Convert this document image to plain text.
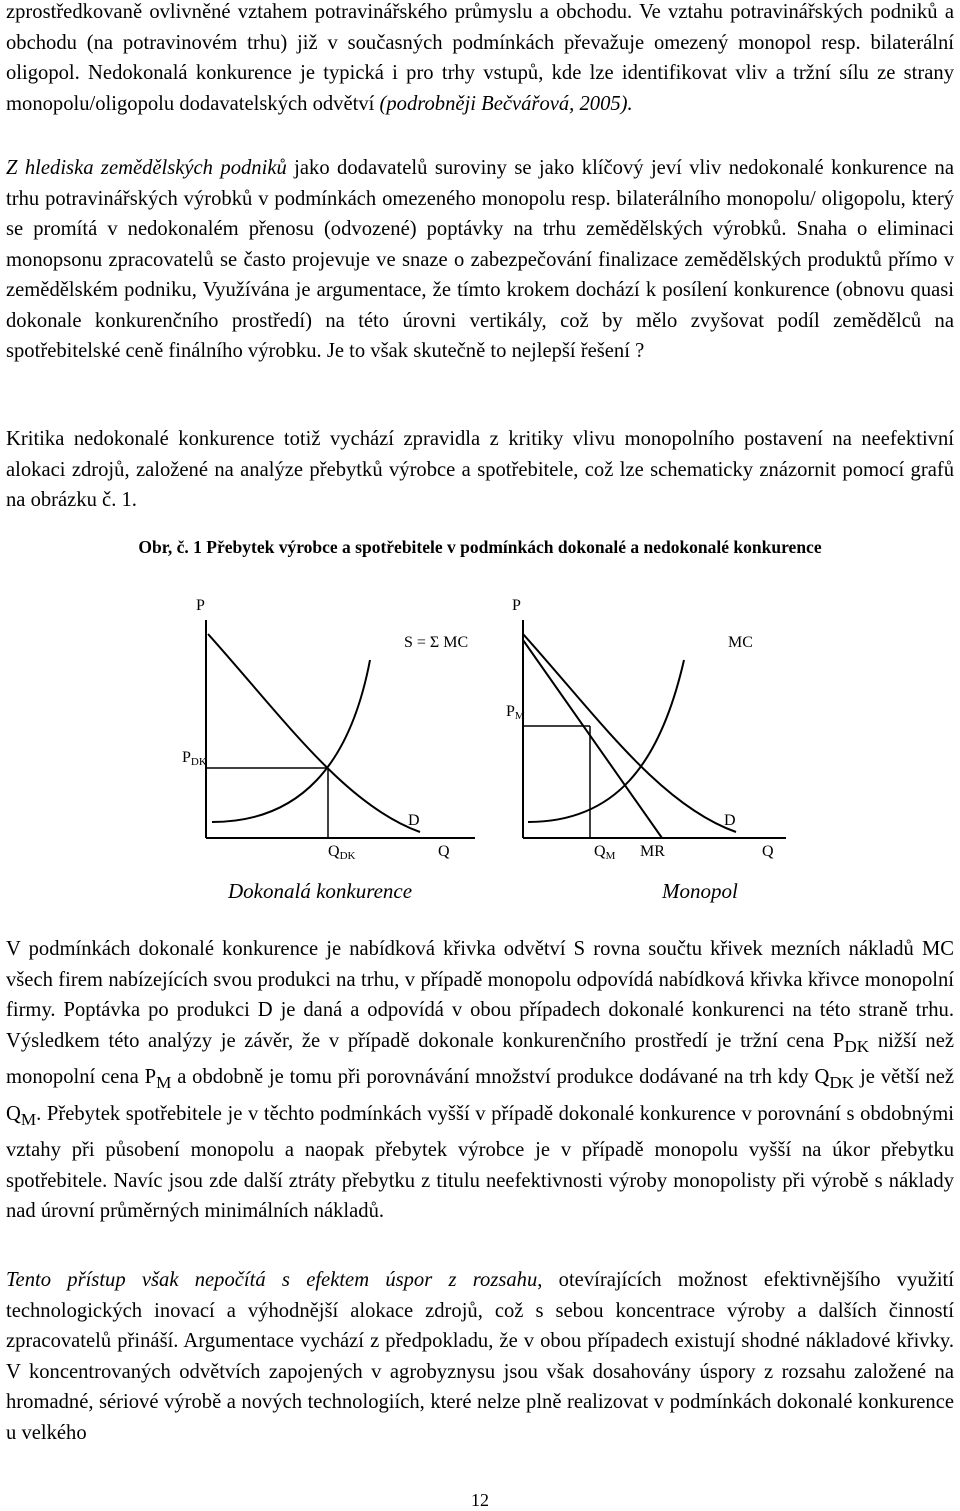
zprostředkovaně ovlivněné vztahem potravinářského průmyslu a obchodu. Ve vztahu potravinářských podniků a obchodu (na potravinovém trhu) již v současných podmínkách převažuje omezený monopol resp. bilaterální oligopol. Nedokonalá konkurence je typická i pro trhy vstupů, kde lze identifikovat vliv a tržní sílu ze strany monopolu/oligopolu dodavatelských odvětví (podrobněji Bečvářová, 2005).

Z hlediska zemědělských podniků jako dodavatelů suroviny se jako klíčový jeví vliv nedokonalé konkurence na trhu potravinářských výrobků v podmínkách omezeného monopolu resp. bilaterálního monopolu/ oligopolu, který se promítá v nedokonalém přenosu (odvozené) poptávky na trhu zemědělských výrobků. Snaha o eliminaci monopsonu zpracovatelů se často projevuje ve snaze o zabezpečování finalizace zemědělských produktů přímo v zemědělském podniku, Využívána je argumentace, že tímto krokem dochází k posílení konkurence (obnovu quasi dokonale konkurenčního prostředí) na této úrovni vertikály, což by mělo zvyšovat podíl zemědělců na spotřebitelské ceně finálního výrobku. Je to však skutečně to nejlepší řešení ?

Kritika nedokonalé konkurence totiž vychází zpravidla z kritiky vlivu monopolního postavení na neefektivní alokaci zdrojů, založené na analýze přebytků výrobce a spotřebitele, což lze schematicky znázornit pomocí grafů na obrázku č. 1.

V podmínkách dokonalé konkurence je nabídková křivka odvětví S rovna součtu křivek mezních nákladů MC všech firem nabízejících svou produkci na trhu, v případě monopolu odpovídá nabídková křivka křivce monopolní firmy. Poptávka po produkci D je daná a odpovídá v obou případech dokonalé konkurenci na této straně trhu. Výsledkem této analýzy je závěr, že v případě dokonale konkurenčního prostředí je tržní cena $P_{DK}$ nižší než monopolní cena $P_M$ a obdobně je tomu při porovnávání množství produkce dodávané na trh kdy $Q_{DK}$ je větší než $Q_M$. Přebytek spotřebitele je v těchto podmínkách vyšší v případě dokonalé konkurence v porovnání s obdobnými vztahy při působení monopolu a naopak přebytek výrobce je v případě monopolu vyšší na úkor přebytku spotřebitele. Navíc jsou zde další ztráty přebytku z titulu neefektivnosti výroby monopolisty při výrobě s náklady nad úrovní průměrných minimálních nákladů.

Tento přístup však nepočítá s efektem úspor z rozsahu, otevírajících možnost efektivnějšího využití technologických inovací a výhodnější alokace zdrojů, což s sebou koncentrace výroby a dalších činností zpracovatelů přináší. Argumentace vychází z předpokladu, že v obou případech existují shodné nákladové křivky. V koncentrovaných odvětvích zapojených v agrobyznysu jsou však dosahovány úspory z rozsahu založené na hromadné, sériové výrobě a nových technologiích, které nelze plně realizovat v podmínkách dokonalé konkurence u velkého

Obr, č. 1 Přebytek výrobce a spotřebitele v podmínkách dokonalé a nedokonalé konkurence
P
S = Σ MC
PDK
D
QDK	Q
Dokonalá konkurence
P
MC
PM
D
QM MR	Q
Monopol
12
